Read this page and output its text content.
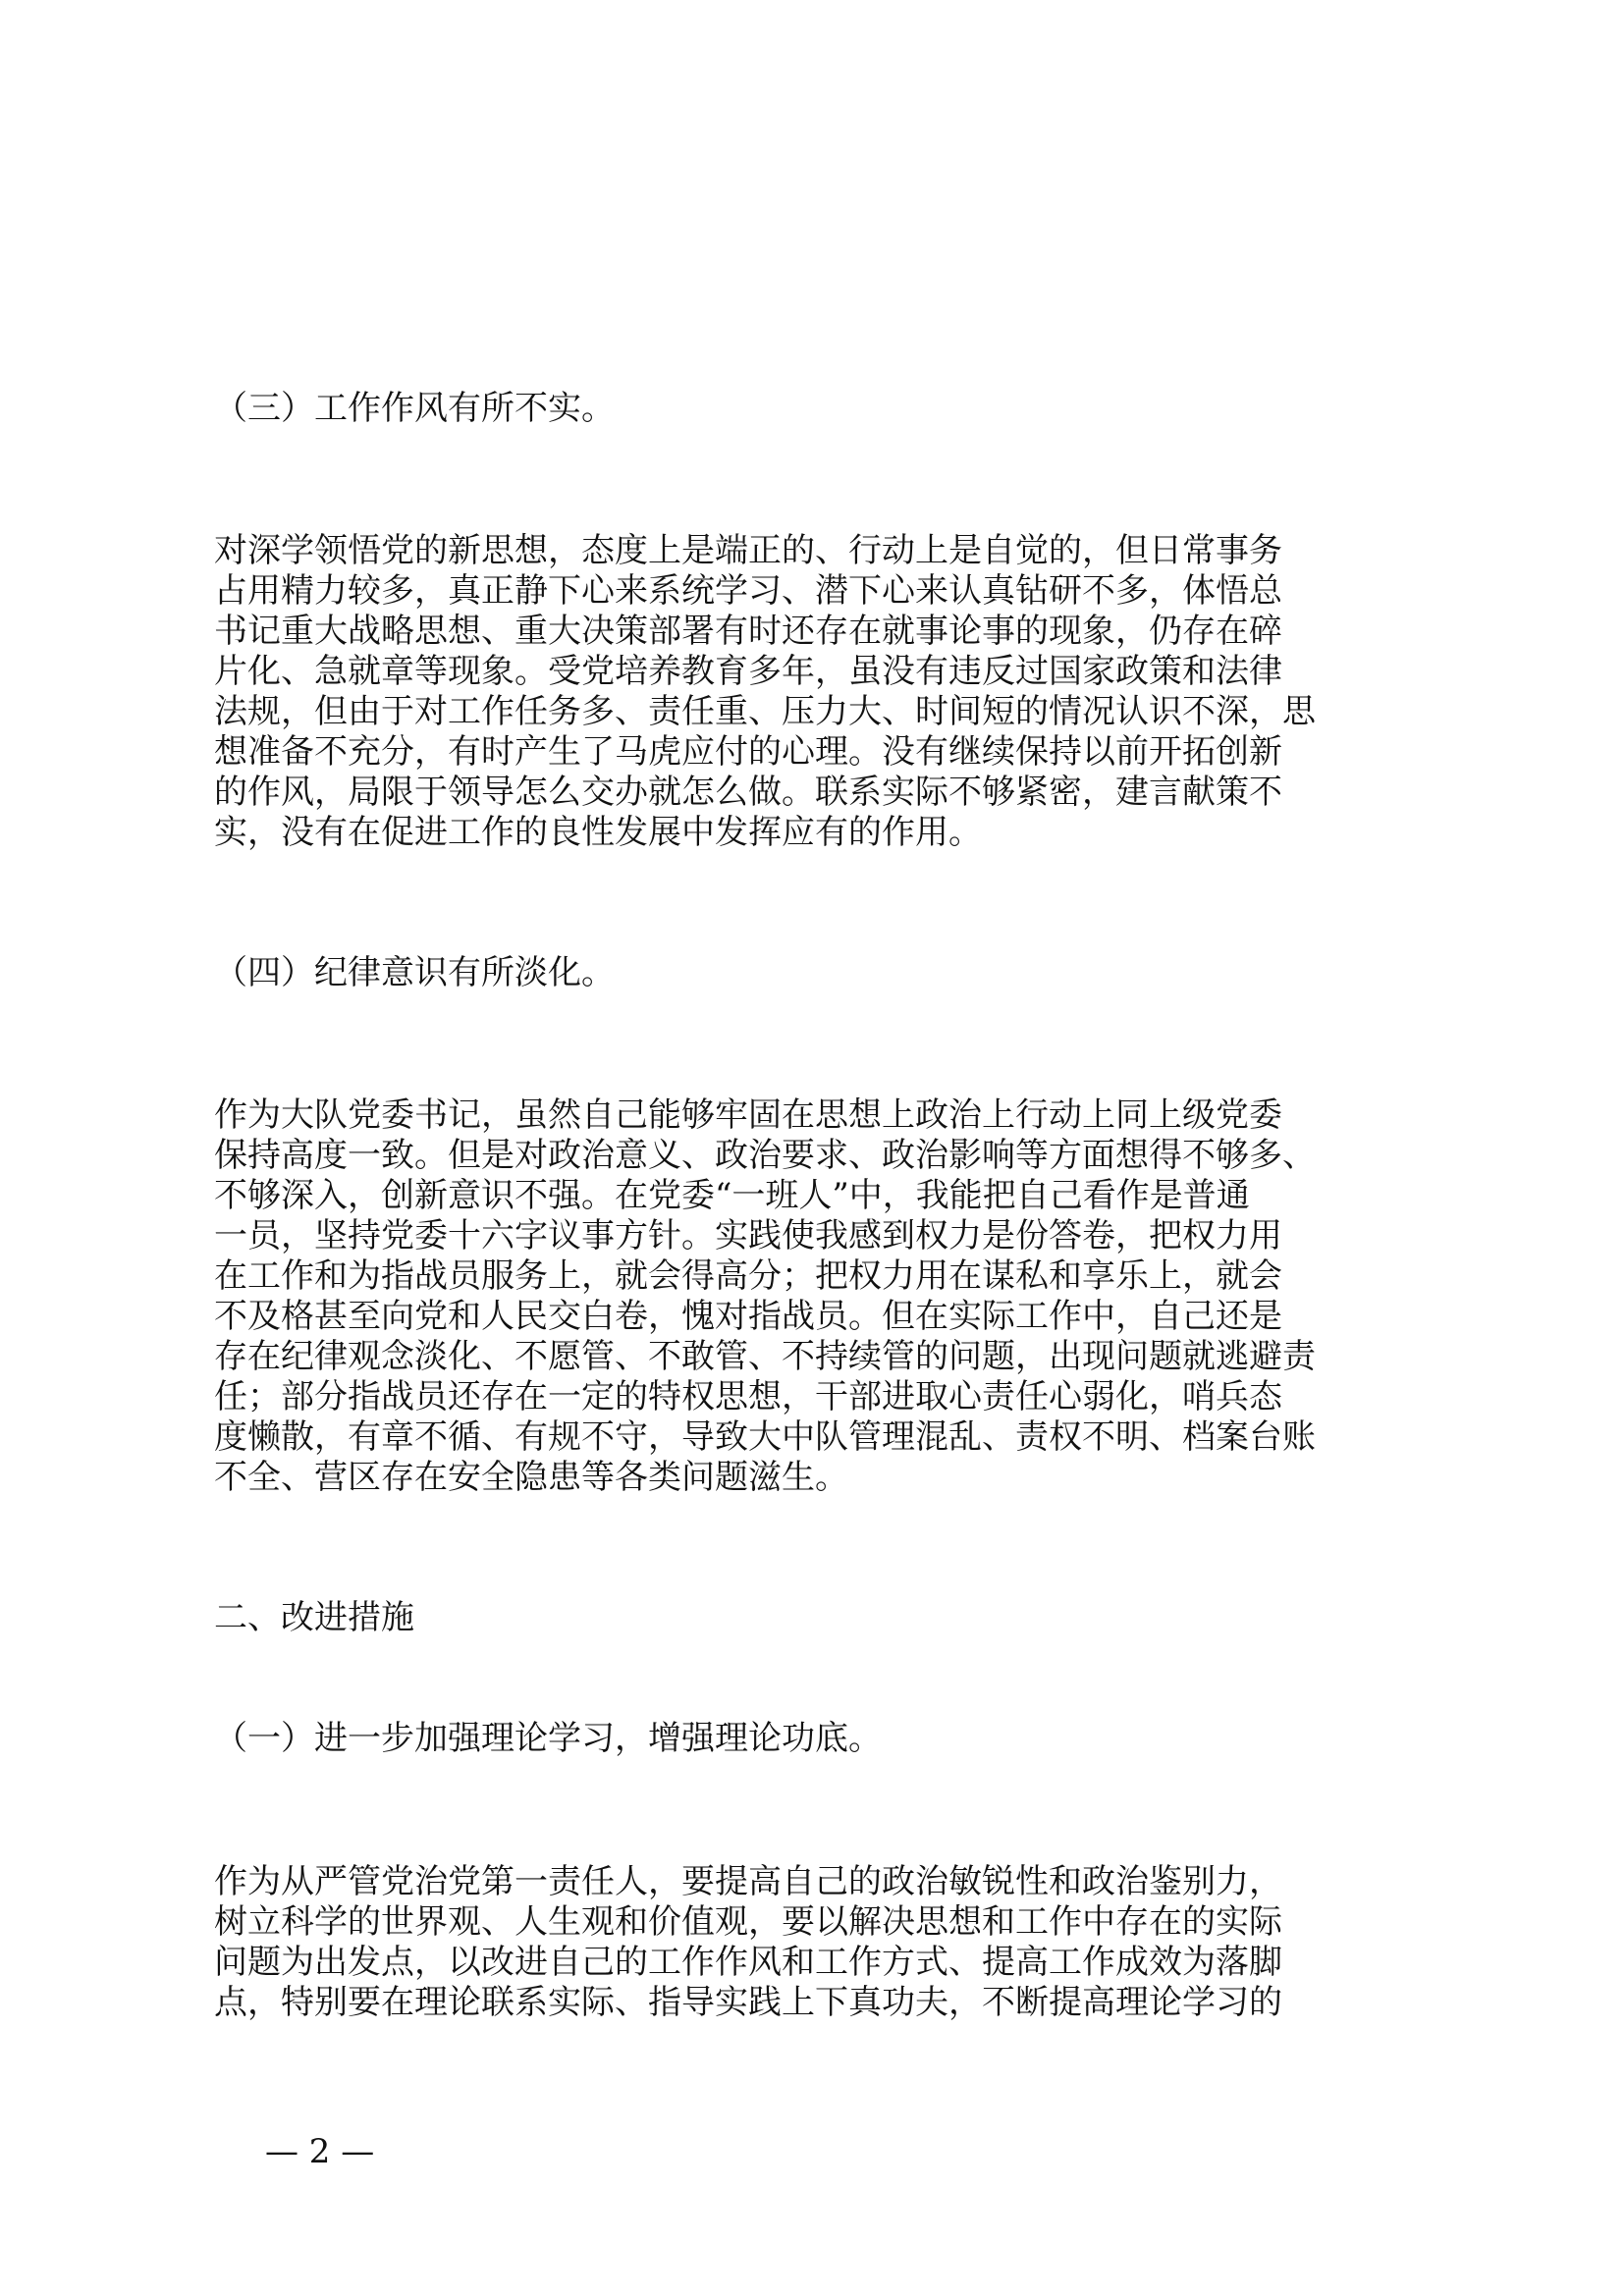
（三）工作作风有所不实。
对深学领悟党的新思想，态度上是端正的、行动上是自觉的，但日常事务
占用精力较多，真正静下心来系统学习、潜下心来认真钻研不多，体悟总
书记重大战略思想、重大决策部署有时还存在就事论事的现象，仍存在碎
片化、急就章等现象。受党培养教育多年，虽没有违反过国家政策和法律
法规，但由于对工作任务多、责任重、压力大、时间短的情况认识不深，思
想准备不充分，有时产生了马虎应付的心理。没有继续保持以前开拓创新
的作风，局限于领导怎么交办就怎么做。联系实际不够紧密，建言献策不
实，没有在促进工作的良性发展中发挥应有的作用。
（四）纪律意识有所淡化。
作为大队党委书记，虽然自己能够牢固在思想上政治上行动上同上级党委
保持高度一致。但是对政治意义、政治要求、政治影响等方面想得不够多、
不够深入，创新意识不强。在党委“一班人”中，我能把自己看作是普通
一员，坚持党委十六字议事方针。实践使我感到权力是份答卷，把权力用
在工作和为指战员服务上，就会得高分；把权力用在谋私和享乐上，就会
不及格甚至向党和人民交白卷，愧对指战员。但在实际工作中，自己还是
存在纪律观念淡化、不愿管、不敢管、不持续管的问题，出现问题就逃避责
任；部分指战员还存在一定的特权思想，干部进取心责任心弱化，哨兵态
度懒散，有章不循、有规不守，导致大中队管理混乱、责权不明、档案台账
不全、营区存在安全隐患等各类问题滋生。
二、改进措施
（一）进一步加强理论学习，增强理论功底。
作为从严管党治党第一责任人，要提高自己的政治敏锐性和政治鉴别力，
树立科学的世界观、人生观和价值观，要以解决思想和工作中存在的实际
问题为出发点，以改进自己的工作作风和工作方式、提高工作成效为落脚
点，特别要在理论联系实际、指导实践上下真功夫，不断提高理论学习的
— 2 —
